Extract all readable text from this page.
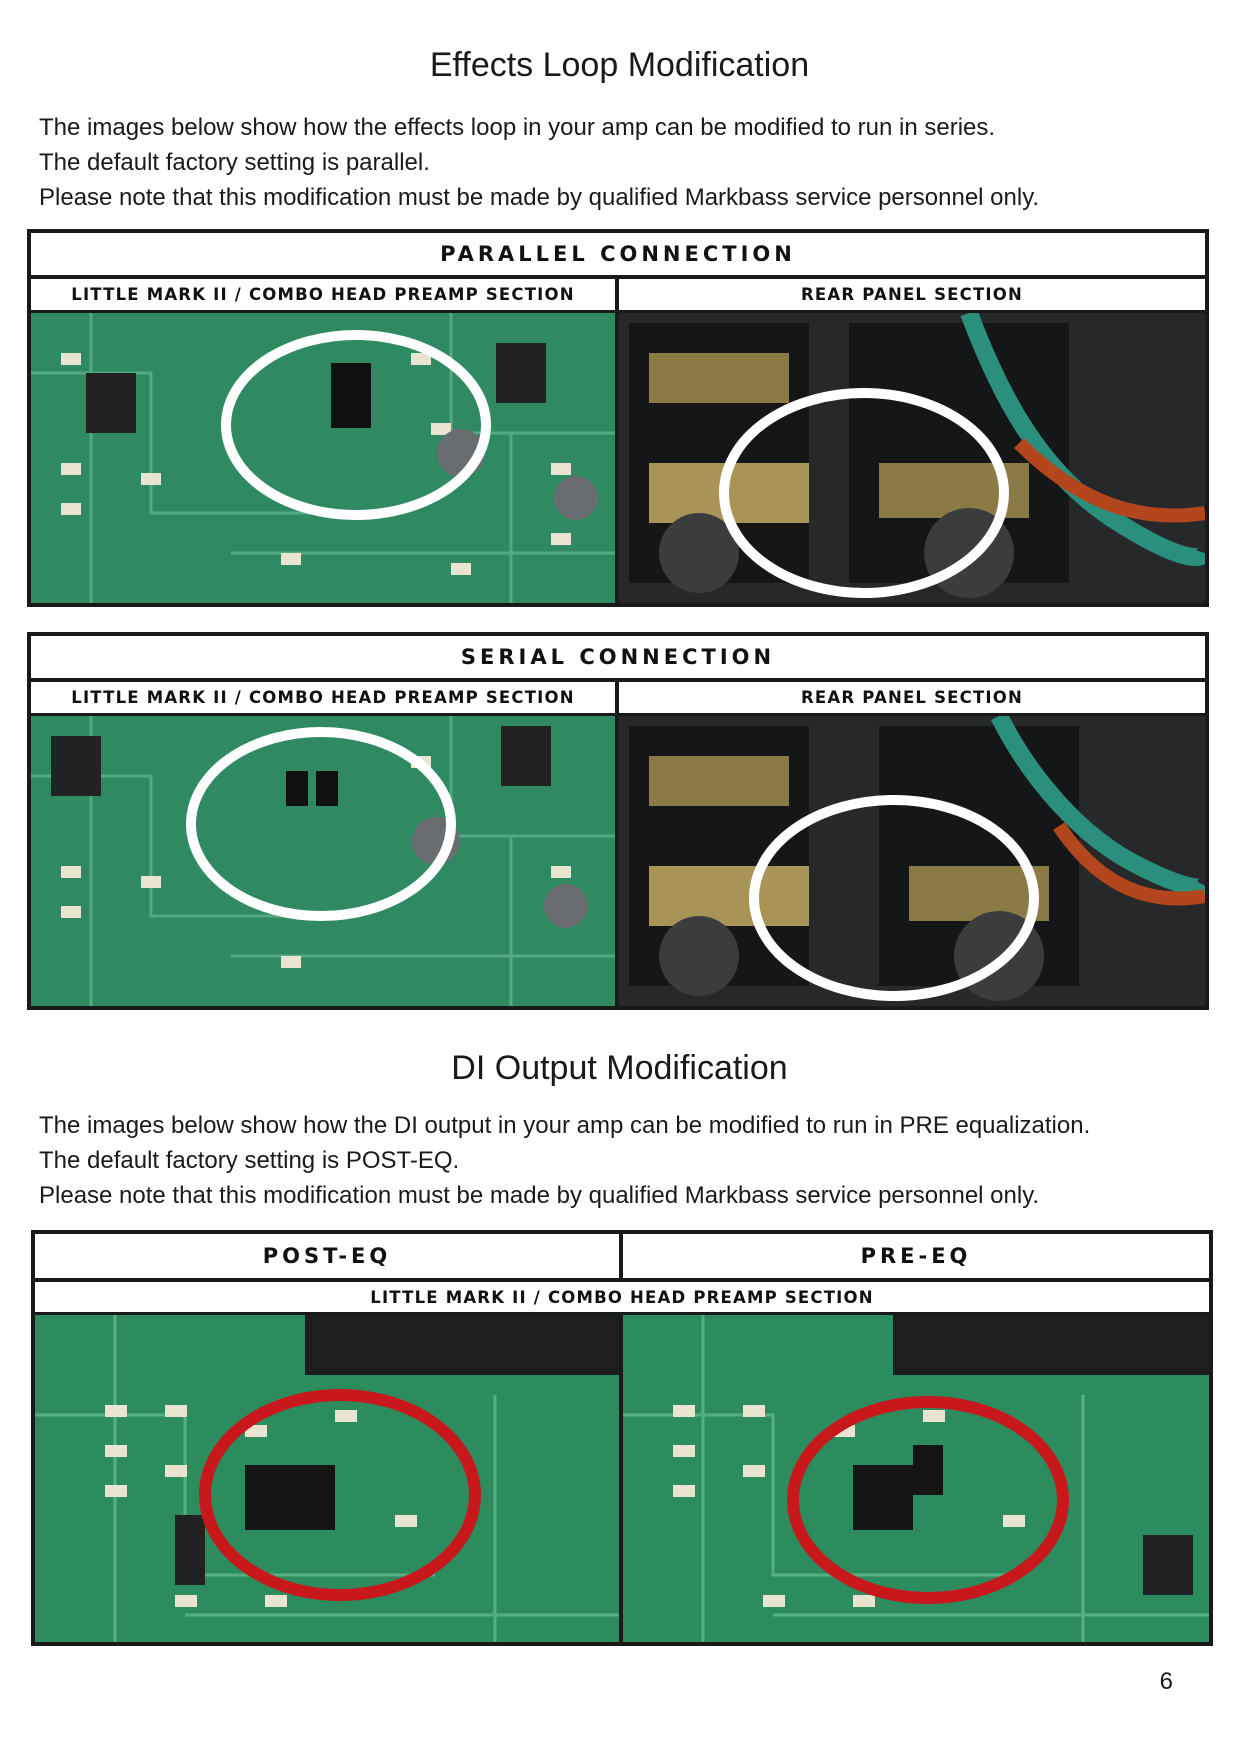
Effects Loop Modification
The images below show how the effects loop in your amp can be modified to run in series.
The default factory setting is parallel.
Please note that this modification must be made by qualified Markbass service personnel only.
PARALLEL CONNECTION
LITTLE MARK II / COMBO HEAD PREAMP SECTION	REAR PANEL SECTION
SERIAL CONNECTION
LITTLE MARK II / COMBO HEAD PREAMP SECTION	REAR PANEL SECTION
DI Output Modification
The images below show how the DI output in your amp can be modified to run in PRE equalization.
The default factory setting is POST-EQ.
Please note that this modification must be made by qualified Markbass service personnel only.
POST-EQ	PRE-EQ
LITTLE MARK II / COMBO HEAD PREAMP SECTION
6
